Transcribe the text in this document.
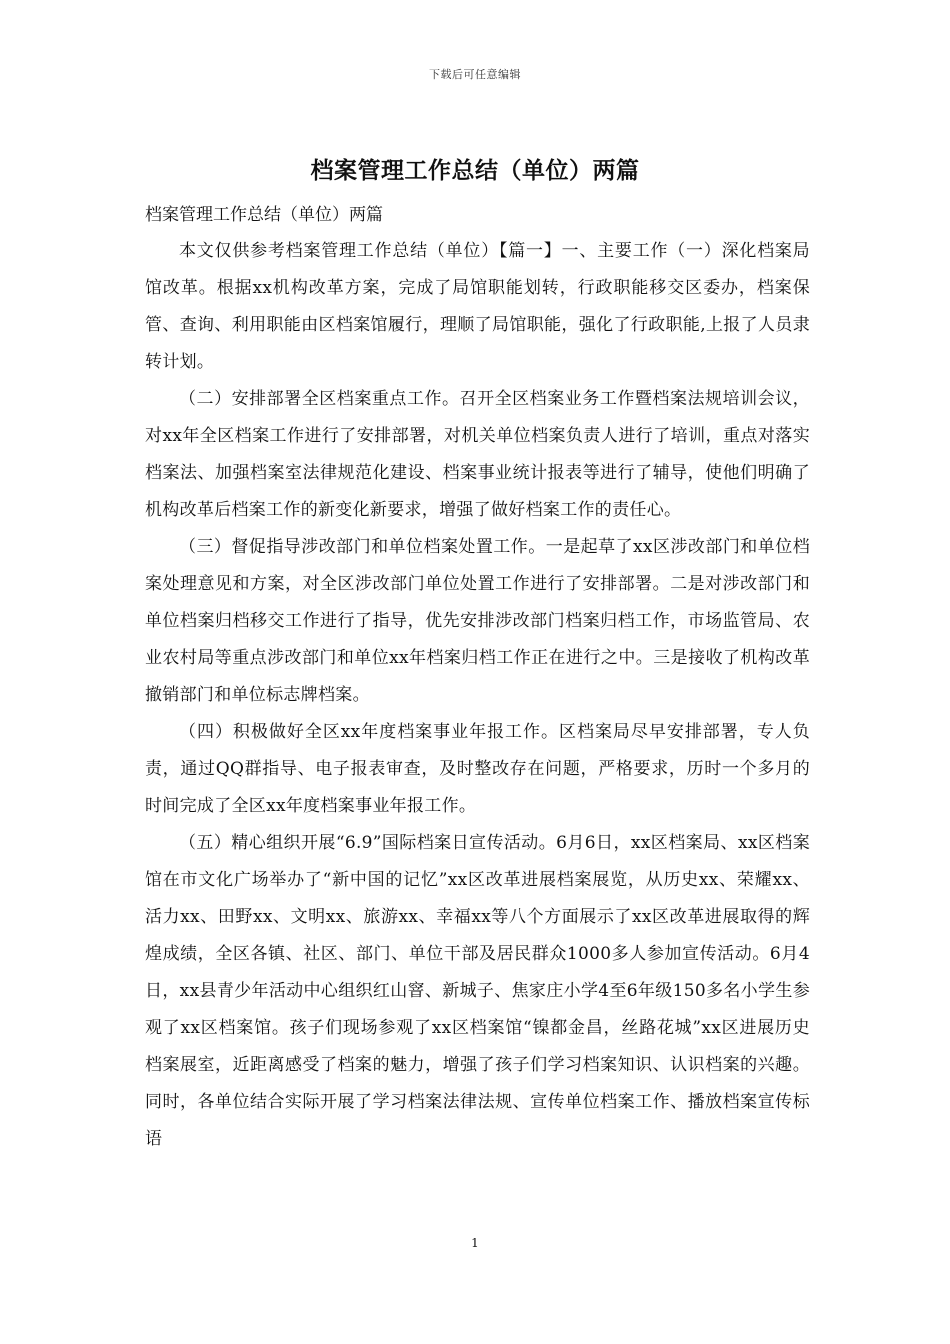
下载后可任意编辑
档案管理工作总结（单位）两篇

档案管理工作总结（单位）两篇

本文仅供参考档案管理工作总结（单位）【篇一】一、主要工作（一）深化档案局馆改革。根据xx机构改革方案，完成了局馆职能划转，行政职能移交区委办，档案保管、查询、利用职能由区档案馆履行，理顺了局馆职能，强化了行政职能,上报了人员隶转计划。

（二）安排部署全区档案重点工作。召开全区档案业务工作暨档案法规培训会议，对xx年全区档案工作进行了安排部署，对机关单位档案负责人进行了培训，重点对落实档案法、加强档案室法律规范化建设、档案事业统计报表等进行了辅导，使他们明确了机构改革后档案工作的新变化新要求，增强了做好档案工作的责任心。

（三）督促指导涉改部门和单位档案处置工作。一是起草了xx区涉改部门和单位档案处理意见和方案，对全区涉改部门单位处置工作进行了安排部署。二是对涉改部门和单位档案归档移交工作进行了指导，优先安排涉改部门档案归档工作，市场监管局、农业农村局等重点涉改部门和单位xx年档案归档工作正在进行之中。三是接收了机构改革撤销部门和单位标志牌档案。

（四）积极做好全区xx年度档案事业年报工作。区档案局尽早安排部署，专人负责，通过QQ群指导、电子报表审查，及时整改存在问题，严格要求，历时一个多月的时间完成了全区xx年度档案事业年报工作。

（五）精心组织开展“6.9”国际档案日宣传活动。6月6日，xx区档案局、xx区档案馆在市文化广场举办了“新中国的记忆”xx区改革进展档案展览，从历史xx、荣耀xx、活力xx、田野xx、文明xx、旅游xx、幸福xx等八个方面展示了xx区改革进展取得的辉煌成绩，全区各镇、社区、部门、单位干部及居民群众1000多人参加宣传活动。6月4日，xx县青少年活动中心组织红山窨、新城子、焦家庄小学4至6年级150多名小学生参观了xx区档案馆。孩子们现场参观了xx区档案馆“镍都金昌，丝路花城”xx区进展历史档案展室，近距离感受了档案的魅力，增强了孩子们学习档案知识、认识档案的兴趣。同时，各单位结合实际开展了学习档案法律法规、宣传单位档案工作、播放档案宣传标语

1
